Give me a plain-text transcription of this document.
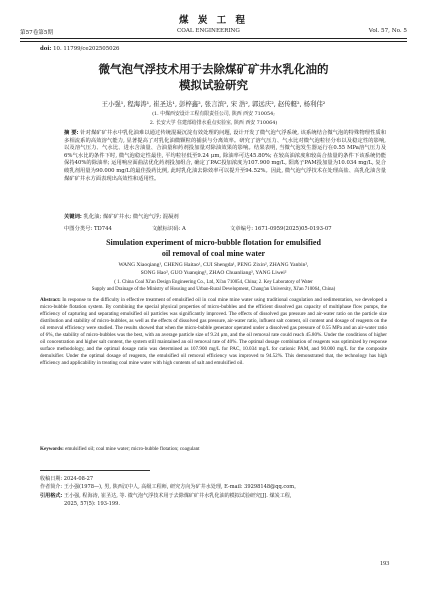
煤 炭 工 程
第57卷第5期	COAL ENGINEERING	Vol. 57, No. 5
doi: 10. 11799/ce202505026
微气泡气浮技术用于去除煤矿矿井水乳化油的
模拟试验研究
王小强¹, 程海涛¹, 崔圣达¹, 彭梓鑫², 张言滨², 宋 浩², 郭远庆², 赵传艇², 杨利伟²
(1. 中煤西安设计工程有限责任公司, 陕西 西安 710054;
2. 长安大学 住建部给排水重点实验室, 陕西 西安 710064)
摘 要: 针对煤矿矿井水中乳化油难以通过传统混凝沉淀有效处理的问题, 设计开发了微气泡气浮系统, 该系统结合微气泡的特殊物理性质和多相流系的高效溶气能力, 显著提高了对乳化油微颗粒的捕获与分离效率。研究了溶气压力、气水比对微气泡粒径分布以及稳定性的影响, 以及溶气压力、气水比、进水含油量、合油量和药剂投加量对除油效果的影响。结果表明, 当微气泡发生器运行在0.55 MPa溶气压力及6%气水比的条件下时, 微气泡稳定性最佳, 平均粒径低至9.24 μm, 除油率可达45.80%; 在较高油浓度和较高合盐量的条件下该系统仍能保持40%的除油率; 运用响应面曲法优化药剂投加组合, 确定了PAC投加浓度为107.900 mg/L, 阳离子PAM投加量为10.034 mg/L, 复合破乳剂用量为90.000 mg/L的最佳投药比例, 此时乳化油去除效率可以提升至94.52%。因此, 微气泡气浮技术在处理高盐、高乳化油含量煤矿矿井水方面表现出高效性和适用性。
关键词: 乳化油; 煤矿矿井水; 微气泡气浮; 混凝剂
中图分类号: TD744	文献标识码: A	文章编号: 1671-0959(2025)05-0193-07
Simulation experiment of micro-bubble flotation for emulsified
oil removal of coal mine water
WANG Xiaoqiang¹, CHENG Haitao¹, CUI Shengda¹, PENG Zixin², ZHANG Yanbin²,
SONG Hao², GUO Yuanqing², ZHAO Chuanliang², YANG Liwei²
( 1. China Coal Xi'an Design Engineering Co., Ltd, Xi'an 710054, China; 2. Key Laboratory of Water
Supply and Drainage of the Ministry of Housing and Urban-Rural Development, Chang'an University, Xi'an 710064, China)
Abstract: In response to the difficulty in effective treatment of emulsified oil in coal mine mine water using traditional coagulation and sedimentation, we developed a micro-bubble flotation system. By combining the special physical properties of micro-bubbles and the efficient dissolved gas capacity of multiphase flow pumps, the efficiency of capturing and separating emulsified oil particles was significantly improved. The effects of dissolved gas pressure and air-water ratio on the particle size distribution and stability of micro-bubbles, as well as the effects of dissolved gas pressure, air-water ratio, influent salt content, oil content and dosage of reagents on the oil removal efficiency were studied. The results showed that when the micro-bubble generator operated under a dissolved gas pressure of 0.55 MPa and an air-water ratio of 6%, the stability of micro-bubbles was the best, with an average particle size of 9.24 μm, and the oil removal rate could reach 45.80%. Under the conditions of higher oil concentration and higher salt content, the system still maintained an oil removal rate of 40%. The optimal dosage combination of reagents was optimized by response surface methodology, and the optimal dosage ratio was determined as 107.900 mg/L for PAC, 10.034 mg/L for cationic PAM, and 90.000 mg/L for the composite demulsifier. Under the optimal dosage of reagents, the emulsified oil removal efficiency was improved to 94.52%. This demonstrated that, the technology has high efficiency and applicability in treating coal mine water with high contents of salt and emulsified oil.
Keywords: emulsified oil; coal mine water; micro-bubble flotation; coagulant
收稿日期: 2024-08-27
作者简介: 王小强(1978—), 男, 陕西汉中人, 高级工程师, 研究方向为矿井水处理, E-mail: 39298148@qq.com。
引用格式: 王小强, 程海涛, 崔圣达, 等. 微气泡气浮技术用于去除煤矿矿井水乳化油的模拟试验研究[J]. 煤炭工程,
2025, 57(5): 193-199.
193
